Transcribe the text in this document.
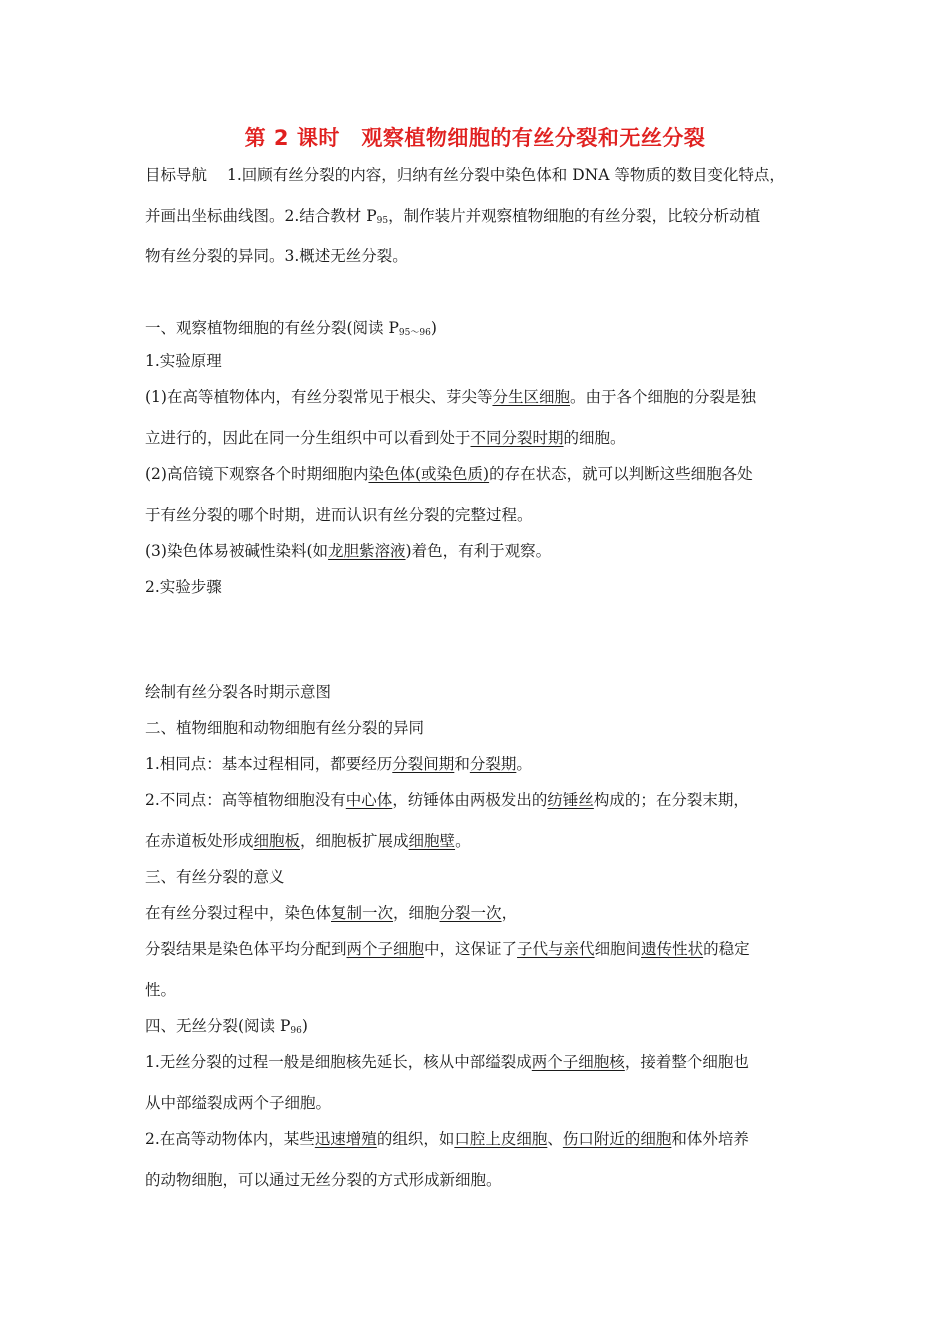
第 2 课时　观察植物细胞的有丝分裂和无丝分裂
目标导航 1.回顾有丝分裂的内容，归纳有丝分裂中染色体和 DNA 等物质的数目变化特点，
并画出坐标曲线图。2.结合教材 $P_{95}$，制作装片并观察植物细胞的有丝分裂，比较分析动植
物有丝分裂的异同。3.概述无丝分裂。
一、观察植物细胞的有丝分裂(阅读 $P_{95\sim 96}$)
1.实验原理
(1)在高等植物体内，有丝分裂常见于根尖、芽尖等分生区细胞。由于各个细胞的分裂是独
立进行的，因此在同一分生组织中可以看到处于不同分裂时期的细胞。
(2)高倍镜下观察各个时期细胞内染色体(或染色质)的存在状态，就可以判断这些细胞各处
于有丝分裂的哪个时期，进而认识有丝分裂的完整过程。
(3)染色体易被碱性染料(如龙胆紫溶液)着色，有利于观察。
2.实验步骤
绘制有丝分裂各时期示意图
二、植物细胞和动物细胞有丝分裂的异同
1.相同点：基本过程相同，都要经历分裂间期和分裂期。
2.不同点：高等植物细胞没有中心体，纺锤体由两极发出的纺锤丝构成的；在分裂末期，
在赤道板处形成细胞板，细胞板扩展成细胞壁。
三、有丝分裂的意义
在有丝分裂过程中，染色体复制一次，细胞分裂一次，
分裂结果是染色体平均分配到两个子细胞中，这保证了子代与亲代细胞间遗传性状的稳定
性。
四、无丝分裂(阅读 $P_{96}$)
1.无丝分裂的过程一般是细胞核先延长，核从中部缢裂成两个子细胞核，接着整个细胞也
从中部缢裂成两个子细胞。
2.在高等动物体内，某些迅速增殖的组织，如口腔上皮细胞、伤口附近的细胞和体外培养
的动物细胞，可以通过无丝分裂的方式形成新细胞。
